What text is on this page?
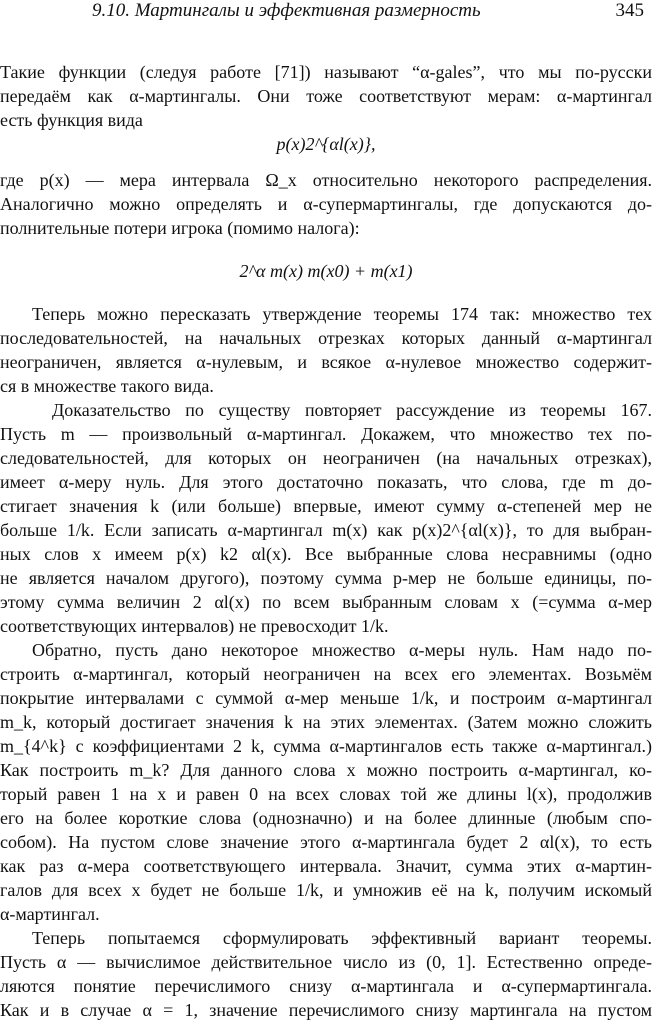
9.10. Мартингалы и эффективная размерность	345
Такие функции (следуя работе [71]) называют “α-gales”, что мы по-русски
передаём как α-мартингалы. Они тоже соответствуют мерам: α-мартингал
есть функция вида
p(x)2^{αl(x)},
где p(x) — мера интервала Ω_x относительно некоторого распределения.
Аналогично можно определять и α-супермартингалы, где допускаются до-
полнительные потери игрока (помимо налога):
2^α m(x) m(x0) + m(x1)
Теперь можно пересказать утверждение теоремы 174 так: множество тех
последовательностей, на начальных отрезках которых данный α-мартингал
неограничен, является α-нулевым, и всякое α-нулевое множество содержит-
ся в множестве такого вида.
Доказательство по существу повторяет рассуждение из теоремы 167.
Пусть m — произвольный α-мартингал. Докажем, что множество тех по-
следовательностей, для которых он неограничен (на начальных отрезках),
имеет α-меру нуль. Для этого достаточно показать, что слова, где m до-
стигает значения k (или больше) впервые, имеют сумму α-степеней мер не
больше 1/k. Если записать α-мартингал m(x) как p(x)2^{αl(x)}, то для выбран-
ных слов x имеем p(x) k2 αl(x). Все выбранные слова несравнимы (одно
не является началом другого), поэтому сумма p-мер не больше единицы, по-
этому сумма величин 2 αl(x) по всем выбранным словам x (=сумма α-мер
соответствующих интервалов) не превосходит 1/k.
Обратно, пусть дано некоторое множество α-меры нуль. Нам надо по-
строить α-мартингал, который неограничен на всех его элементах. Возьмём
покрытие интервалами с суммой α-мер меньше 1/k, и построим α-мартингал
m_k, который достигает значения k на этих элементах. (Затем можно сложить
m_{4^k} с коэффициентами 2 k, сумма α-мартингалов есть также α-мартингал.)
Как построить m_k? Для данного слова x можно построить α-мартингал, ко-
торый равен 1 на x и равен 0 на всех словах той же длины l(x), продолжив
его на более короткие слова (однозначно) и на более длинные (любым спо-
собом). На пустом слове значение этого α-мартингала будет 2 αl(x), то есть
как раз α-мера соответствующего интервала. Значит, сумма этих α-мартин-
галов для всех x будет не больше 1/k, и умножив её на k, получим искомый
α-мартингал.
Теперь попытаемся сформулировать эффективный вариант теоремы.
Пусть α — вычислимое действительное число из (0, 1]. Естественно опреде-
ляются понятие перечислимого снизу α-мартингала и α-супермартингала.
Как и в случае α = 1, значение перечислимого снизу мартингала на пустом
